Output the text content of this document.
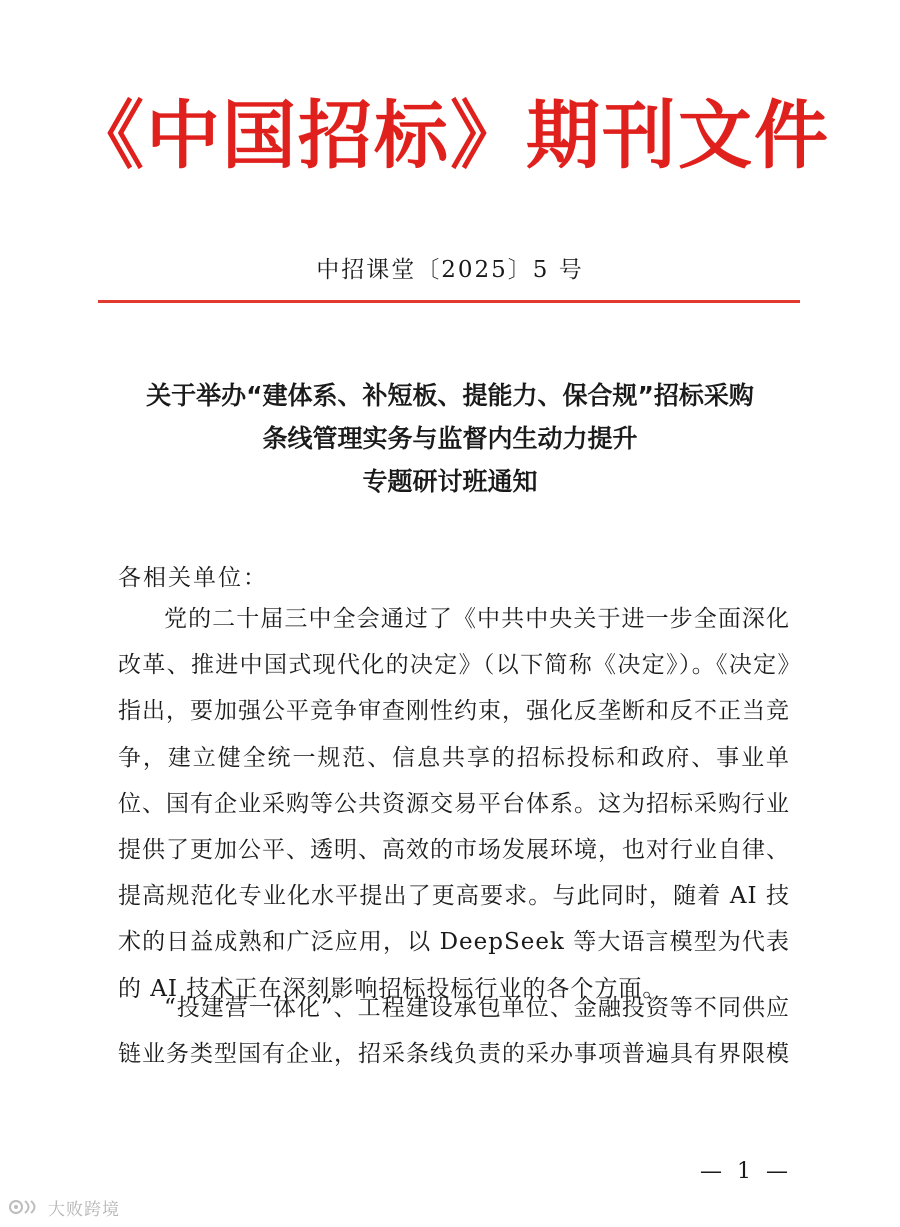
《中国招标》期刊文件
中招课堂〔2025〕5 号
关于举办“建体系、补短板、提能力、保合规”招标采购
条线管理实务与监督内生动力提升
专题研讨班通知
各相关单位：
党的二十届三中全会通过了《中共中央关于进一步全面深化改革、推进中国式现代化的决定》（以下简称《决定》）。《决定》指出，要加强公平竞争审查刚性约束，强化反垄断和反不正当竞争，建立健全统一规范、信息共享的招标投标和政府、事业单位、国有企业采购等公共资源交易平台体系。这为招标采购行业提供了更加公平、透明、高效的市场发展环境，也对行业自律、提高规范化专业化水平提出了更高要求。与此同时，随着 AI 技术的日益成熟和广泛应用，以 DeepSeek 等大语言模型为代表的 AI 技术正在深刻影响招标投标行业的各个方面。
“投建营一体化”、工程建设承包单位、金融投资等不同供应链业务类型国有企业，招采条线负责的采办事项普遍具有界限模
— 1 —
大败跨境
